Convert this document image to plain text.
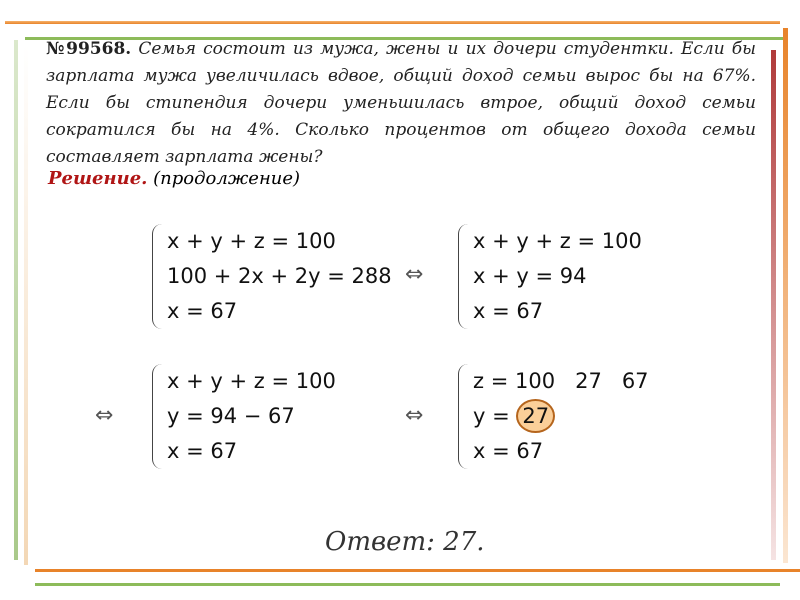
№99568. Семья состоит из мужа, жены и их дочери студентки. Если бы зарплата мужа увеличилась вдвое, общий доход семьи вырос бы на 67%. Если бы стипендия дочери уменьшилась втрое, общий доход семьи сократился бы на 4%. Сколько процентов от общего дохода семьи составляет зарплата жены?
Решение. (продолжение)
x + y + z = 100
100 + 2x + 2y = 288
x = 67
⇔
x + y + z = 100
x + y = 94
x = 67
⇔
x + y + z = 100
y = 94 − 67
x = 67
⇔
z = 100   27   67
y = 27
x = 67
Ответ: 27.
